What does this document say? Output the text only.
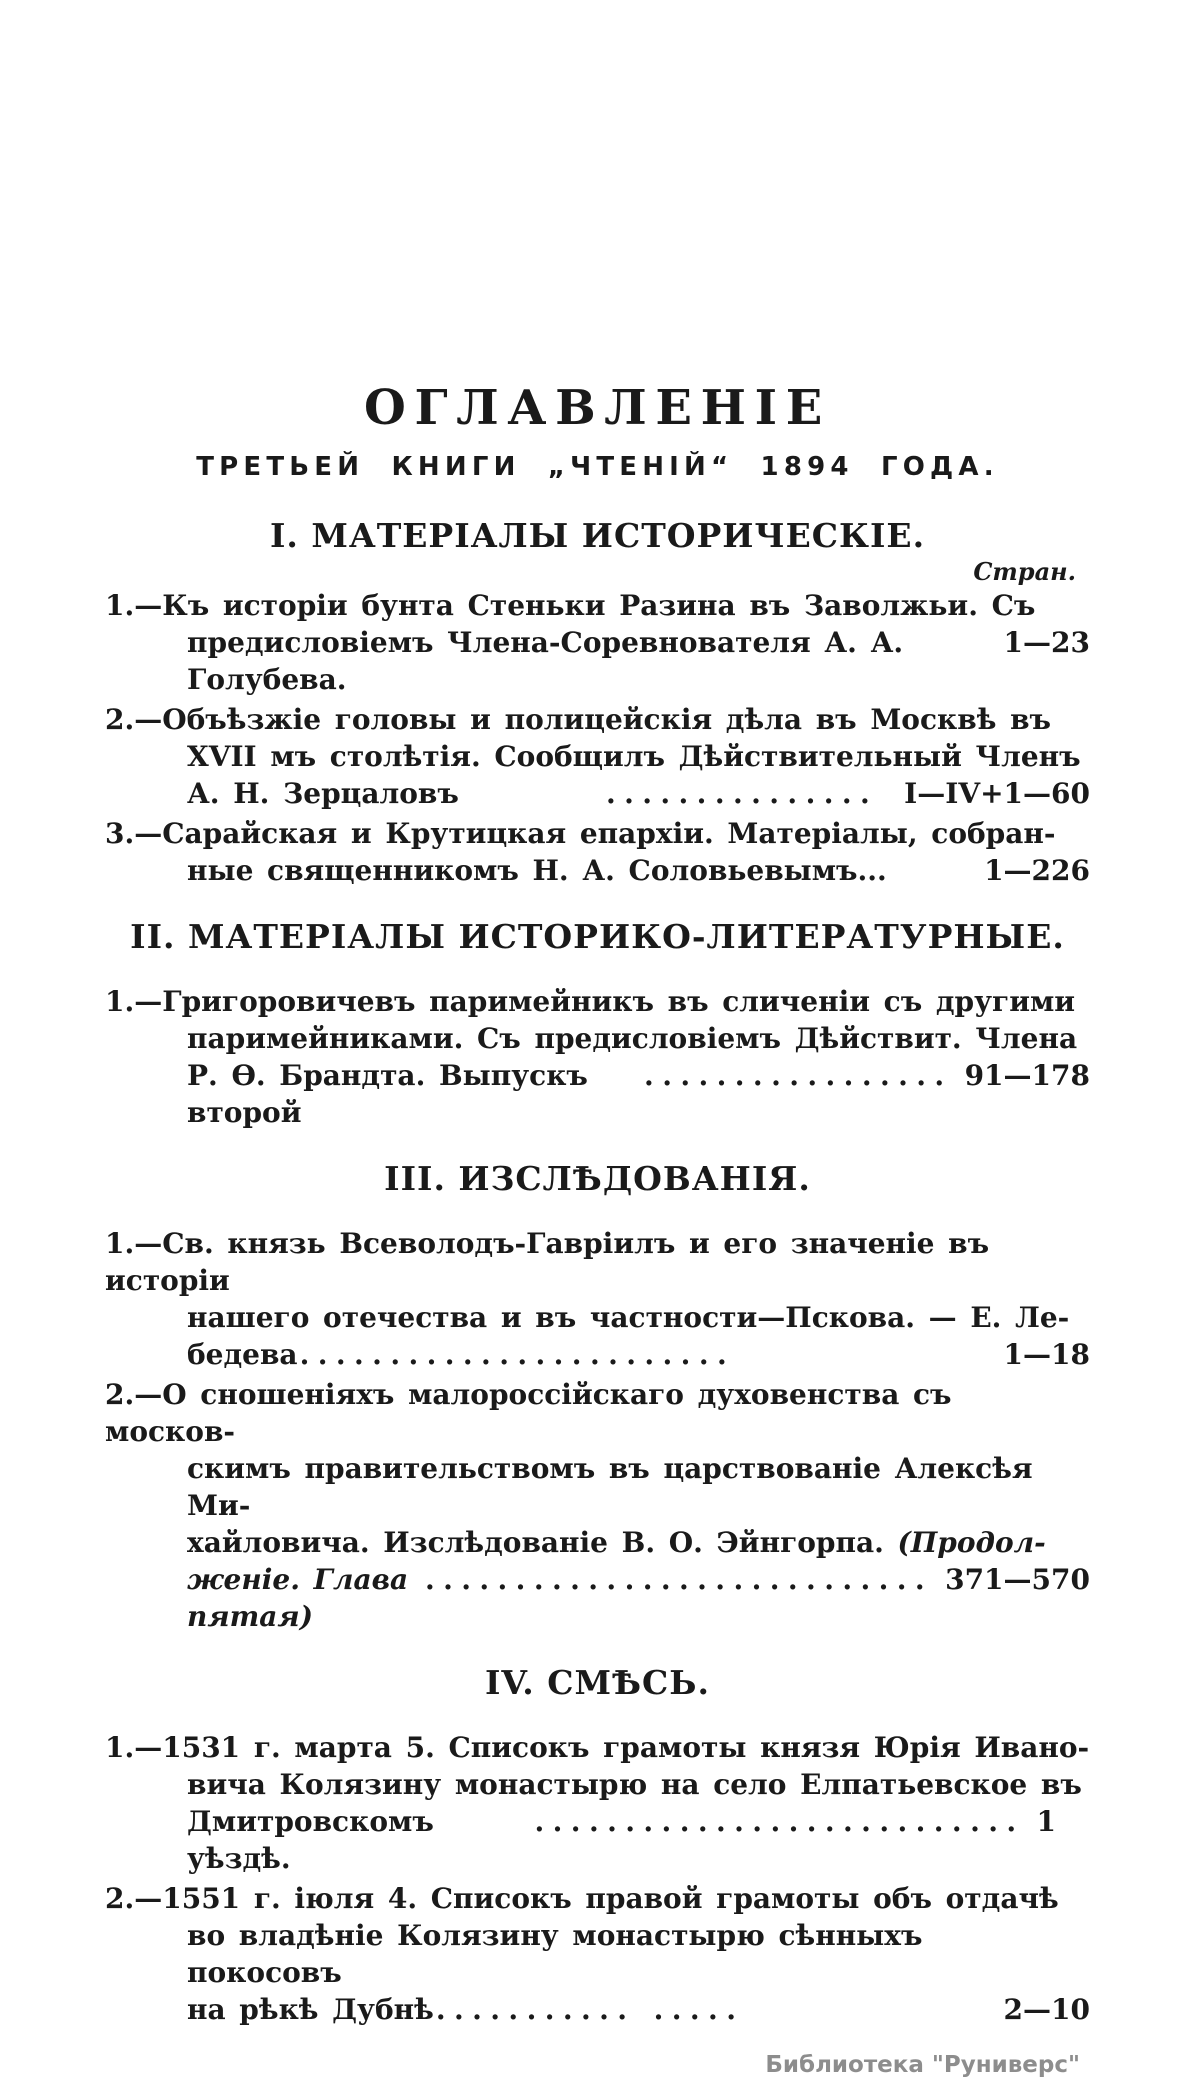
ОГЛАВЛЕНІЕ
ТРЕТЬЕЙ КНИГИ „ЧТЕНІЙ“ 1894 ГОДА.
I. МАТЕРІАЛЫ ИСТОРИЧЕСКІЕ.
Стран.
1.—Къ исторіи бунта Стеньки Разина въ Заволжьи. Съ
предисловіемъ Члена-Соревнователя А. А. Голубева.
1—23
2.—Объѣзжіе головы и полицейскія дѣла въ Москвѣ въ
XVII мъ столѣтія. Сообщилъ Дѣйствительный Членъ
А. Н. Зерцаловъ	............... I—IV+1—60
3.—Сарайская и Крутицкая епархіи. Матеріалы, собран-
ные священникомъ Н. А. Соловьевымъ...	1—226
II. МАТЕРІАЛЫ ИСТОРИКО-ЛИТЕРАТУРНЫЕ.
1.—Григоровичевъ паримейникъ въ сличеніи съ другими
паримейниками. Съ предисловіемъ Дѣйствит. Члена
Р. Ѳ. Брандта. Выпускъ второй
................. 91—178
III. ИЗСЛѢДОВАНІЯ.
1.—Св. князь Всеволодъ-Гавріилъ и его значеніе въ исторіи
нашего отечества и въ частности—Пскова. — Е. Ле-
бедева ........................	1—18
2.—О сношеніяхъ малороссійскаго духовенства съ москов-
скимъ правительствомъ въ царствованіе Алексѣя Ми-
хайловича. Изслѣдованіе В. О. Эйнгорпа. (Продол-
женіе. Глава пятая)
............................ 371—570
IV. СМѢСЬ.
1.—1531 г. марта 5. Списокъ грамоты князя Юрія Ивано-
вича Колязину монастырю на село Елпатьевское въ
Дмитровскомъ уѣздѣ.
........................... 1
2.—1551 г. іюля 4. Списокъ правой грамоты объ отдачѣ
во владѣніе Колязину монастырю сѣнныхъ покосовъ
на рѣкѣ Дубнѣ ........... .....	2—10
Библиотека "Руниверс"
